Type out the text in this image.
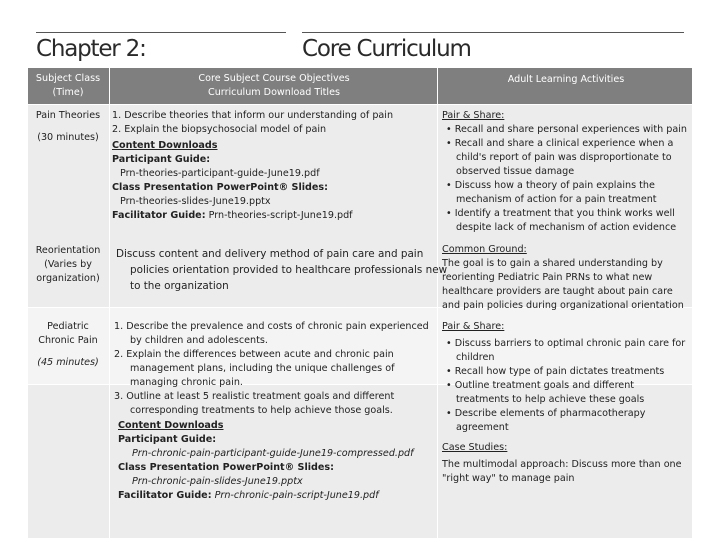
Chapter 2:	Core Curriculum
Subject Class (Time)
Core Subject Course Objectives Curriculum Download Titles
Adult Learning Activities
Pain Theories
(30 minutes)
1. Describe theories that inform our understanding of pain
2. Explain the biopsychosocial model of pain
Content Downloads
Participant Guide:
Prn-theories-participant-guide-June19.pdf
Class Presentation PowerPoint® Slides:
Prn-theories-slides-June19.pptx
Facilitator Guide: Prn-theories-script-June19.pdf
Pair & Share:
• Recall and share personal experiences with pain
• Recall and share a clinical experience when a child's report of pain was disproportionate to observed tissue damage
• Discuss how a theory of pain explains the mechanism of action for a pain treatment
• Identify a treatment that you think works well despite lack of mechanism of action evidence
Reorientation
(Varies by organization)
Discuss content and delivery method of pain care and pain policies orientation provided to healthcare professionals new to the organization
Common Ground:
The goal is to gain a shared understanding by reorienting Pediatric Pain PRNs to what new healthcare providers are taught about pain care and pain policies during organizational orientation
Pediatric Chronic Pain
(45 minutes)
1. Describe the prevalence and costs of chronic pain experienced by children and adolescents.
2. Explain the differences between acute and chronic pain management plans, including the unique challenges of managing chronic pain.
3. Outline at least 5 realistic treatment goals and different corresponding treatments to help achieve those goals.
Content Downloads
Participant Guide:
Prn-chronic-pain-participant-guide-June19-compressed.pdf
Class Presentation PowerPoint® Slides:
Prn-chronic-pain-slides-June19.pptx
Facilitator Guide: Prn-chronic-pain-script-June19.pdf
Pair & Share:
• Discuss barriers to optimal chronic pain care for children
• Recall how type of pain dictates treatments
• Outline treatment goals and different treatments to help achieve these goals
• Describe elements of pharmacotherapy agreement
Case Studies:
The multimodal approach: Discuss more than one "right way" to manage pain
